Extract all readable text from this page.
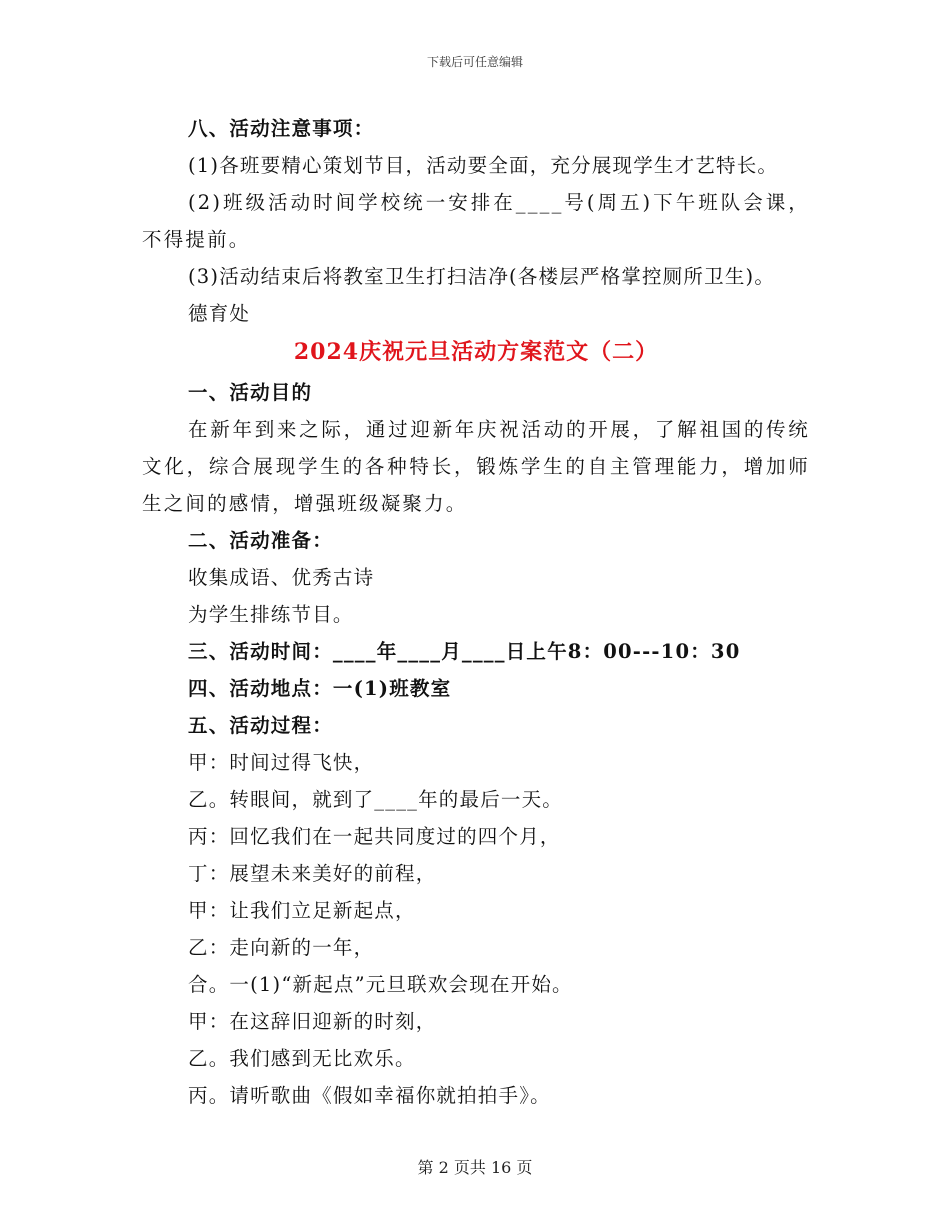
下载后可任意编辑
八、活动注意事项：
(1)各班要精心策划节目，活动要全面，充分展现学生才艺特长。
(2)班级活动时间学校统一安排在____号(周五)下午班队会课，不得提前。
(3)活动结束后将教室卫生打扫洁净(各楼层严格掌控厕所卫生)。
德育处
2024庆祝元旦活动方案范文（二）
一、活动目的
在新年到来之际，通过迎新年庆祝活动的开展，了解祖国的传统文化，综合展现学生的各种特长，锻炼学生的自主管理能力，增加师生之间的感情，增强班级凝聚力。
二、活动准备：
收集成语、优秀古诗
为学生排练节目。
三、活动时间：____年____月____日上午8：00---10：30
四、活动地点：一(1)班教室
五、活动过程：
甲：时间过得飞快，
乙。转眼间，就到了____年的最后一天。
丙：回忆我们在一起共同度过的四个月，
丁：展望未来美好的前程，
甲：让我们立足新起点，
乙：走向新的一年，
合。一(1)“新起点”元旦联欢会现在开始。
甲：在这辞旧迎新的时刻，
乙。我们感到无比欢乐。
丙。请听歌曲《假如幸福你就拍拍手》。
第 2 页共 16 页
